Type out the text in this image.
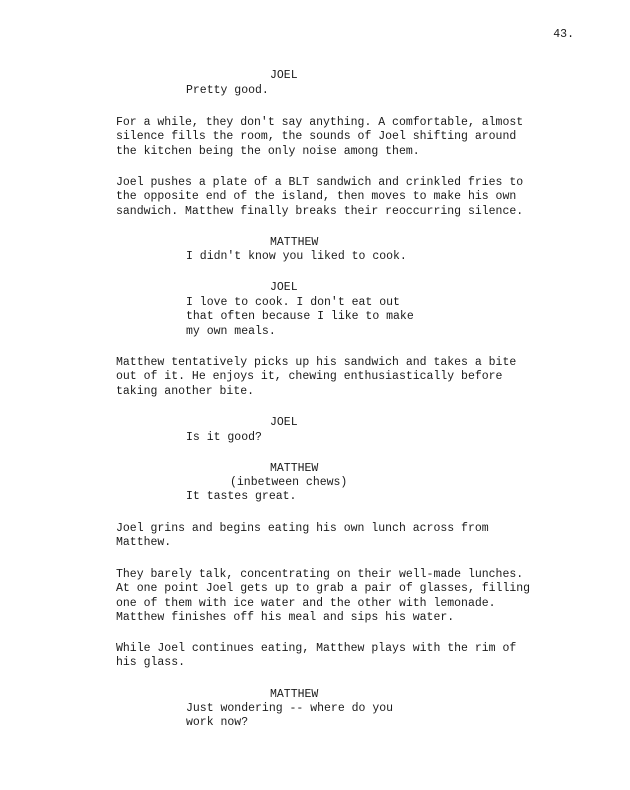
43.
JOEL
Pretty good.
For a while, they don't say anything. A comfortable, almost
silence fills the room, the sounds of Joel shifting around
the kitchen being the only noise among them.
Joel pushes a plate of a BLT sandwich and crinkled fries to
the opposite end of the island, then moves to make his own
sandwich. Matthew finally breaks their reoccurring silence.
MATTHEW
I didn't know you liked to cook.
JOEL
I love to cook. I don't eat out
that often because I like to make
my own meals.
Matthew tentatively picks up his sandwich and takes a bite
out of it. He enjoys it, chewing enthusiastically before
taking another bite.
JOEL
Is it good?
MATTHEW
(inbetween chews)
It tastes great.
Joel grins and begins eating his own lunch across from
Matthew.
They barely talk, concentrating on their well-made lunches.
At one point Joel gets up to grab a pair of glasses, filling
one of them with ice water and the other with lemonade.
Matthew finishes off his meal and sips his water.
While Joel continues eating, Matthew plays with the rim of
his glass.
MATTHEW
Just wondering -- where do you
work now?
